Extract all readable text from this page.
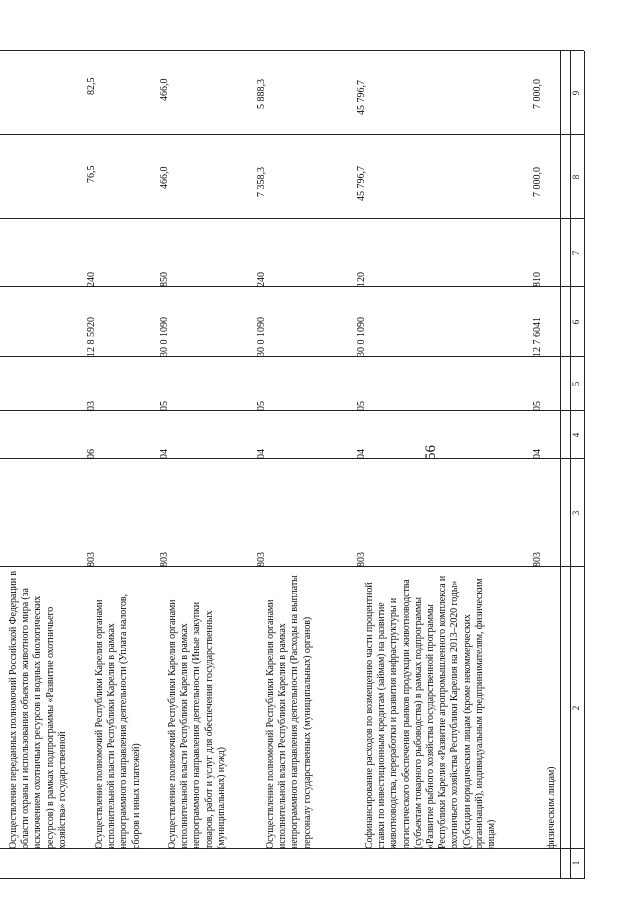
56
1
2
3
4
5
6
7
8
9
физическим лицам)
Софинансирование расходов по возмещению части процентной ставки по инвестиционным кредитам (займам) на развитие животноводства, переработки и развития инфраструктуры и логистического обеспечения рынков продукции животноводства (субъектам товарного рыбоводства) в рамках подпрограммы «Развитие рыбного хозяйства государственной программы Республики Карелия «Развитие агропромышленного комплекса и охотничьего хозяйства Республики Карелия на 2013–2020 годы» (Субсидии юридическим лицам (кроме некоммерческих организаций), индивидуальным предпринимателям, физическим лицам)
803
04
05
12 7 6041
810
7 000,0
7 000,0
Осуществление полномочий Республики Карелия органами исполнительной власти Республики Карелия в рамках непрограммного направления деятельности (Расходы на выплаты персоналу государственных (муниципальных) органов)
803
04
05
30 0 1090
120
45 796,7
45 796,7
Осуществление полномочий Республики Карелия органами исполнительной власти Республики Карелия в рамках непрограммного направления деятельности (Иные закупки товаров, работ и услуг для обеспечения государственных (муниципальных) нужд)
803
04
05
30 0 1090
240
7 358,3
5 888,3
Осуществление полномочий Республики Карелия органами исполнительной власти Республики Карелия в рамках непрограммного направления деятельности (Уплата налогов, сборов и иных платежей)
803
04
05
30 0 1090
850
466,0
466,0
Осуществление переданных полномочий Российской Федерации в области охраны и использования объектов животного мира (за исключением охотничьих ресурсов и водных биологических ресурсов) в рамках подпрограммы «Развитие охотничьего хозяйства» государственной
803
06
03
12 8 5920
240
76,5
82,5
